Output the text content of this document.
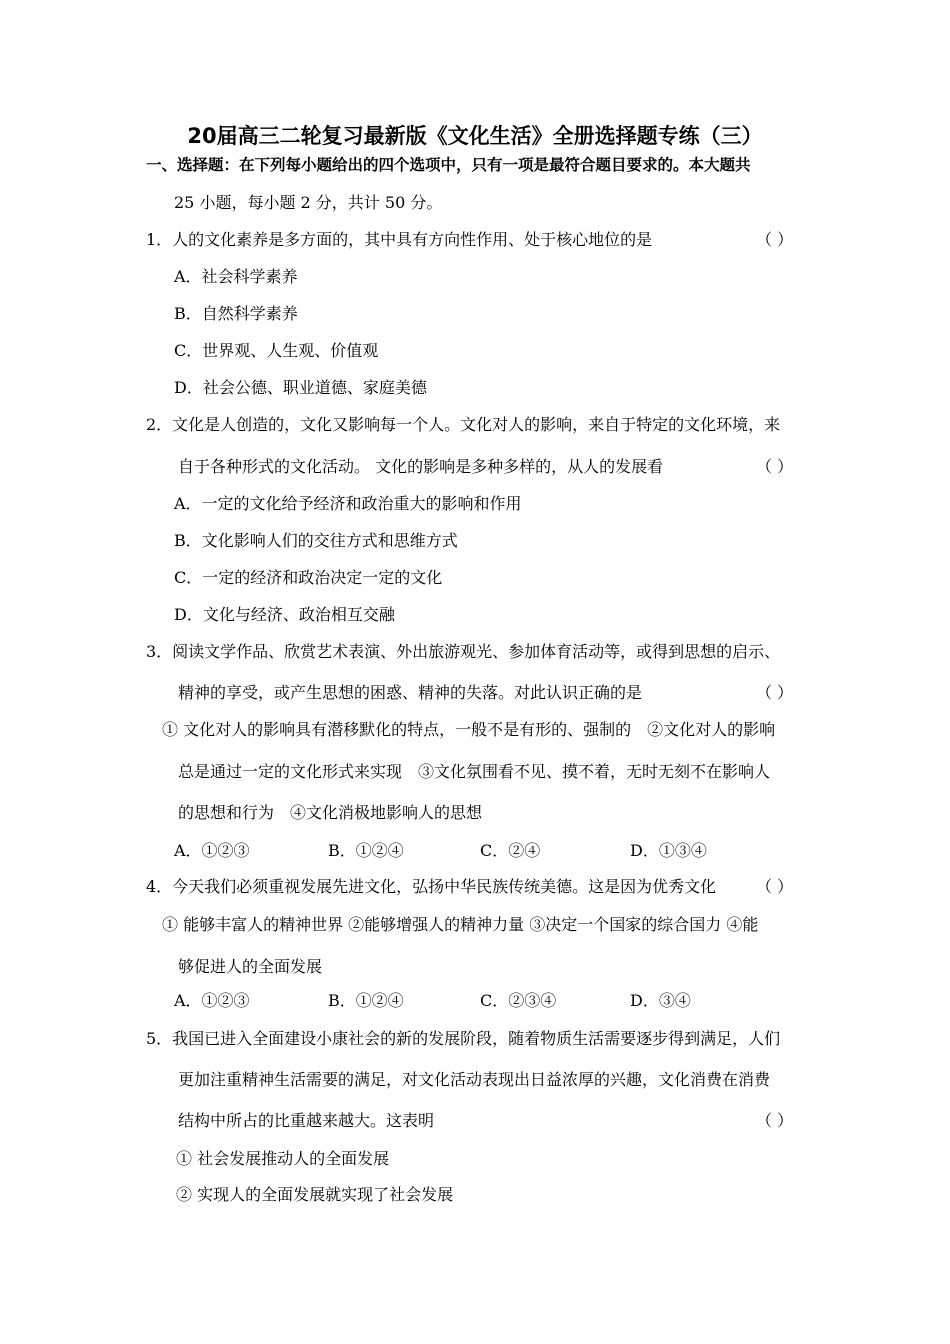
20届高三二轮复习最新版《文化生活》全册选择题专练（三）
一、选择题：在下列每小题给出的四个选项中，只有一项是最符合题目要求的。本大题共
25 小题，每小题 2 分，共计 50 分。
1．人的文化素养是多方面的，其中具有方向性作用、处于核心地位的是	（ ）
A．社会科学素养
B．自然科学素养
C．世界观、人生观、价值观
D．社会公德、职业道德、家庭美德
2．文化是人创造的，文化又影响每一个人。文化对人的影响，来自于特定的文化环境，来
自于各种形式的文化活动。 文化的影响是多种多样的，从人的发展看	（ ）
A．一定的文化给予经济和政治重大的影响和作用
B．文化影响人们的交往方式和思维方式
C．一定的经济和政治决定一定的文化
D．文化与经济、政治相互交融
3．阅读文学作品、欣赏艺术表演、外出旅游观光、参加体育活动等，或得到思想的启示、
精神的享受，或产生思想的困惑、精神的失落。对此认识正确的是	（ ）
① 文化对人的影响具有潜移默化的特点，一般不是有形的、强制的　②文化对人的影响
总是通过一定的文化形式来实现　③文化氛围看不见、摸不着，无时无刻不在影响人
的思想和行为　④文化消极地影响人的思想
A．①②③	B．①②④	C．②④	D．①③④
4．今天我们必须重视发展先进文化，弘扬中华民族传统美德。这是因为优秀文化 （ ）
① 能够丰富人的精神世界 ②能够增强人的精神力量 ③决定一个国家的综合国力 ④能
够促进人的全面发展
A．①②③	B．①②④	C．②③④	D．③④
5．我国已进入全面建设小康社会的新的发展阶段，随着物质生活需要逐步得到满足，人们
更加注重精神生活需要的满足，对文化活动表现出日益浓厚的兴趣，文化消费在消费
结构中所占的比重越来越大。这表明	（ ）
① 社会发展推动人的全面发展
② 实现人的全面发展就实现了社会发展
